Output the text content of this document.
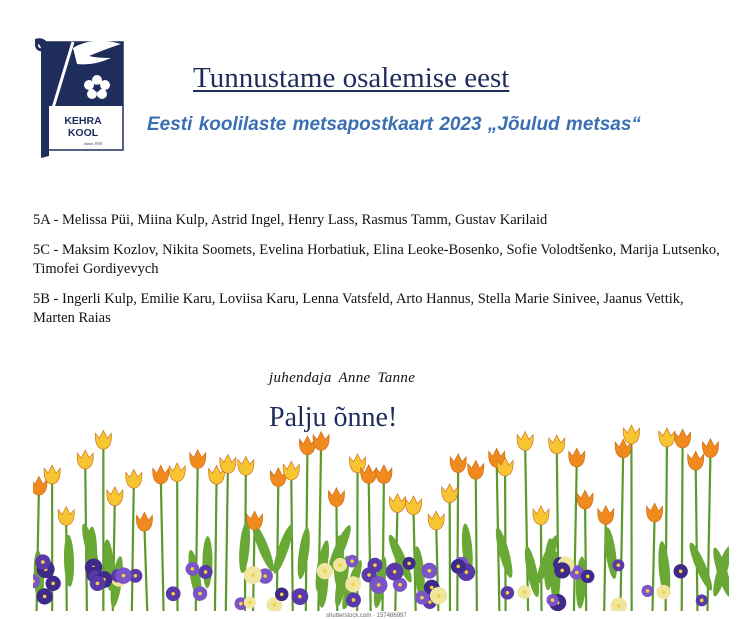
KEHRA
KOOL
alates 1936
Tunnustame osalemise eest
Eesti koolilaste metsapostkaart 2023 „Jõulud metsas“

5A - Melissa Püi, Miina Kulp, Astrid Ingel, Henry Lass, Rasmus Tamm, Gustav Karilaid

5C - Maksim Kozlov, Nikita Soomets, Evelina Horbatiuk, Elina Leoke-Bosenko, Sofie Volodtšenko, Marija Lutsenko, Timofei Gordiyevych

5B - Ingerli Kulp, Emilie Karu, Loviisa Karu, Lenna Vatsfeld, Arto Hannus, Stella Marie Sinivee, Jaanus Vettik, Marten Raias

juhendaja Anne Tanne
Palju õnne!
shutterstock.com · 157486997
